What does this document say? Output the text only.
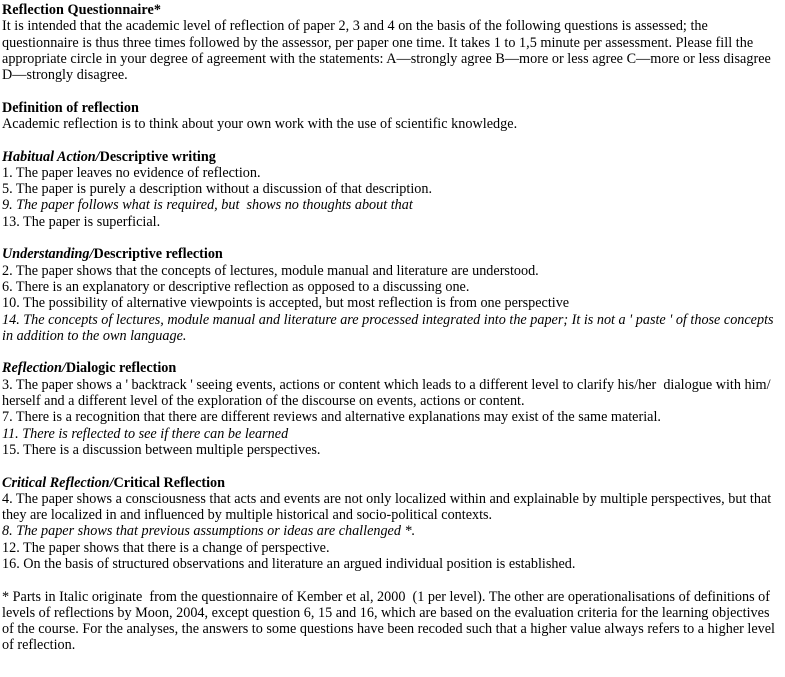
Reflection Questionnaire*
It is intended that the academic level of reflection of paper 2, 3 and 4 on the basis of the following questions is assessed; the questionnaire is thus three times followed by the assessor, per paper one time. It takes 1 to 1,5 minute per assessment. Please fill the appropriate circle in your degree of agreement with the statements: A—strongly agree B—more or less agree C—more or less disagree D—strongly disagree.
Definition of reflection
Academic reflection is to think about your own work with the use of scientific knowledge.
Habitual Action/Descriptive writing
1. The paper leaves no evidence of reflection.
5. The paper is purely a description without a discussion of that description.
9. The paper follows what is required, but  shows no thoughts about that
13. The paper is superficial.
Understanding/Descriptive reflection
2. The paper shows that the concepts of lectures, module manual and literature are understood.
6. There is an explanatory or descriptive reflection as opposed to a discussing one.
10. The possibility of alternative viewpoints is accepted, but most reflection is from one perspective
14. The concepts of lectures, module manual and literature are processed integrated into the paper; It is not a ' paste ' of those concepts in addition to the own language.
Reflection/Dialogic reflection
3. The paper shows a ' backtrack ' seeing events, actions or content which leads to a different level to clarify his/her  dialogue with him/ herself and a different level of the exploration of the discourse on events, actions or content.
7. There is a recognition that there are different reviews and alternative explanations may exist of the same material.
11. There is reflected to see if there can be learned
15. There is a discussion between multiple perspectives.
Critical Reflection/Critical Reflection
4. The paper shows a consciousness that acts and events are not only localized within and explainable by multiple perspectives, but that they are localized in and influenced by multiple historical and socio-political contexts.
8. The paper shows that previous assumptions or ideas are challenged *.
12. The paper shows that there is a change of perspective.
16. On the basis of structured observations and literature an argued individual position is established.
* Parts in Italic originate  from the questionnaire of Kember et al, 2000  (1 per level). The other are operationalisations of definitions of levels of reflections by Moon, 2004, except question 6, 15 and 16, which are based on the evaluation criteria for the learning objectives of the course. For the analyses, the answers to some questions have been recoded such that a higher value always refers to a higher level of reflection.
